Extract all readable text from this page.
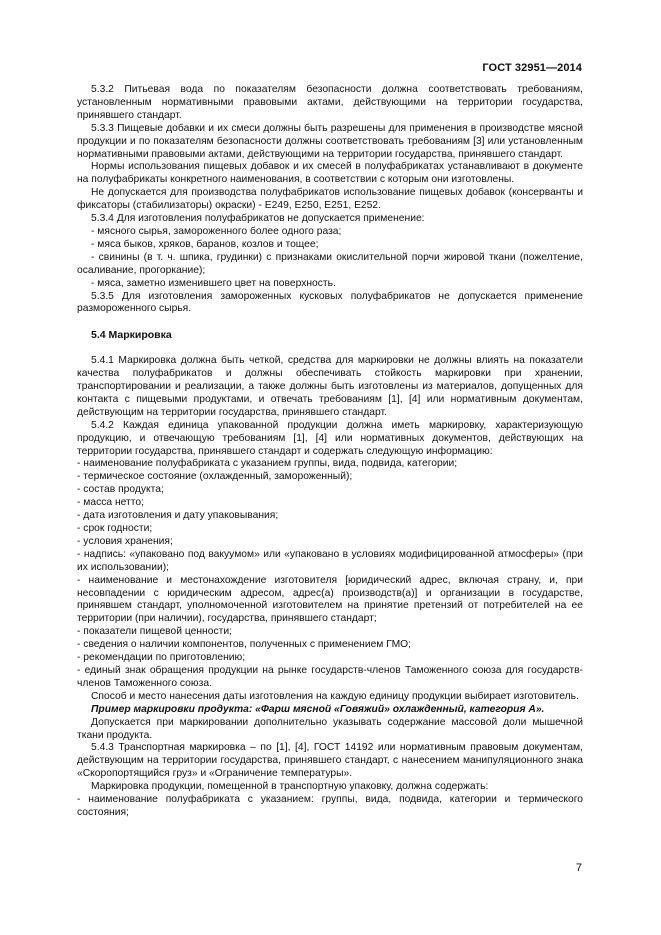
ГОСТ 32951—2014

5.3.2 Питьевая вода по показателям безопасности должна соответствовать требованиям, установленным нормативными правовыми актами, действующими на территории государства, принявшего стандарт.

5.3.3 Пищевые добавки и их смеси должны быть разрешены для применения в производстве мясной продукции и по показателям безопасности должны соответствовать требованиям [3] или установленным нормативными правовыми актами, действующими на территории государства, принявшего стандарт.

Нормы использования пищевых добавок и их смесей в полуфабрикатах устанавливают в документе на полуфабрикаты конкретного наименования, в соответствии с которым они изготовлены.

Не допускается для производства полуфабрикатов использование пищевых добавок (консерванты и фиксаторы (стабилизаторы) окраски) - Е249, Е250, Е251, Е252.

5.3.4 Для изготовления полуфабрикатов не допускается применение:

- мясного сырья, замороженного более одного раза;

- мяса быков, хряков, баранов, козлов и тощее;

- свинины (в т. ч. шпика, грудинки) с признаками окислительной порчи жировой ткани (пожелтение, осаливание, прогоркание);

- мяса, заметно изменившего цвет на поверхность.

5.3.5 Для изготовления замороженных кусковых полуфабрикатов не допускается применение размороженного сырья.

5.4 Маркировка

5.4.1 Маркировка должна быть четкой, средства для маркировки не должны влиять на показатели качества полуфабрикатов и должны обеспечивать стойкость маркировки при хранении, транспортировании и реализации, а также должны быть изготовлены из материалов, допущенных для контакта с пищевыми продуктами, и отвечать требованиям [1], [4] или нормативным документам, действующим на территории государства, принявшего стандарт.

5.4.2 Каждая единица упакованной продукции должна иметь маркировку, характеризующую продукцию, и отвечающую требованиям [1], [4] или нормативных документов, действующих на территории государства, принявшего стандарт и содержать следующую информацию:

- наименование полуфабриката с указанием группы, вида, подвида, категории;

- термическое состояние (охлажденный, замороженный);

- состав продукта;

- масса нетто;

- дата изготовления и дату упаковывания;

- срок годности;

- условия хранения;

- надпись: «упаковано под вакуумом» или «упаковано в условиях модифицированной атмосферы» (при их использовании);

- наименование и местонахождение изготовителя [юридический адрес, включая страну, и, при несовпадении с юридическим адресом, адрес(а) производств(а)] и организации в государстве, принявшем стандарт, уполномоченной изготовителем на принятие претензий от потребителей на ее территории (при наличии), государства, принявшего стандарт;

- показатели пищевой ценности;

- сведения о наличии компонентов, полученных с применением ГМО;

- рекомендации по приготовлению;

- единый знак обращения продукции на рынке государств-членов Таможенного союза для государств-членов Таможенного союза.

Способ и место нанесения даты изготовления на каждую единицу продукции выбирает изготовитель.

Пример маркировки продукта: «Фарш мясной «Говяжий» охлажденный, категория А».

Допускается при маркировании дополнительно указывать содержание массовой доли мышечной ткани продукта.

5.4.3 Транспортная маркировка – по [1], [4], ГОСТ 14192 или нормативным правовым документам, действующим на территории государства, принявшего стандарт, с нанесением манипуляционного знака «Скоропортящийся груз» и «Ограничение температуры».

Маркировка продукции, помещенной в транспортную упаковку, должна содержать:

- наименование полуфабриката с указанием: группы, вида, подвида, категории и термического состояния;

7
